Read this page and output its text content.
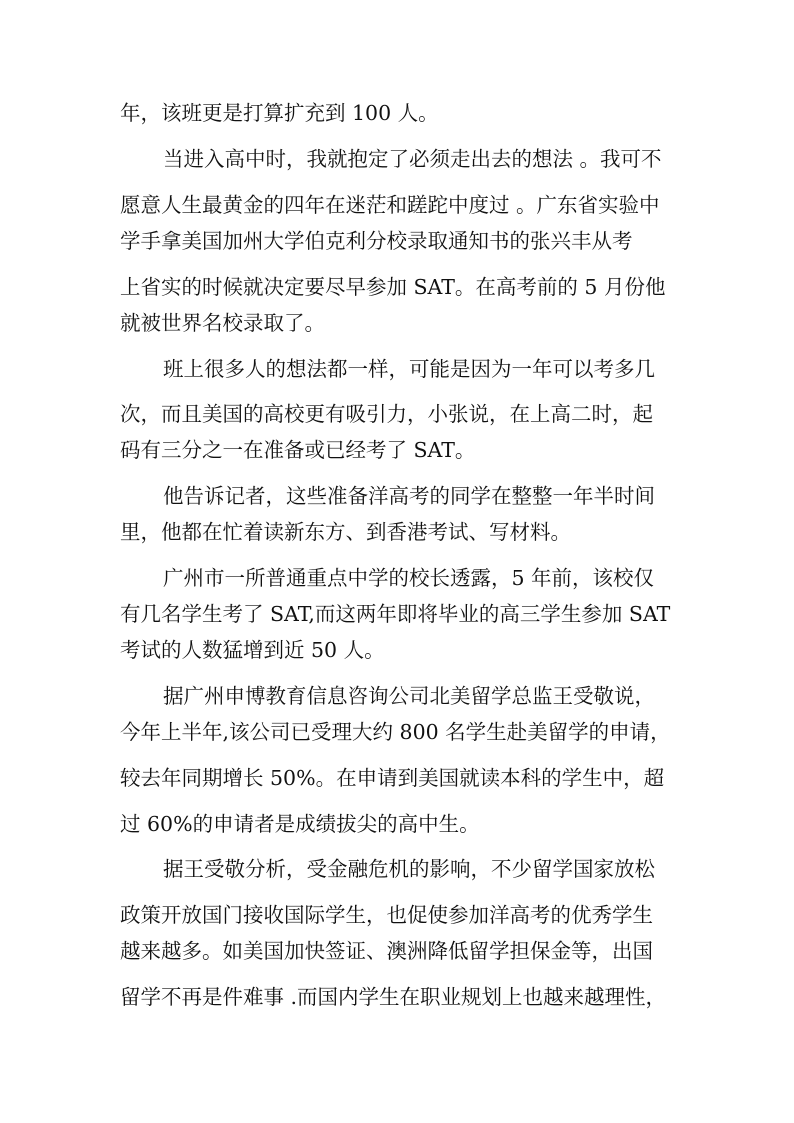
年，该班更是打算扩充到 100 人。

当进入高中时，我就抱定了必须走出去的想法 。我可不

愿意人生最黄金的四年在迷茫和蹉跎中度过 。广东省实验中

学手拿美国加州大学伯克利分校录取通知书的张兴丰从考

上省实的时候就决定要尽早参加 SAT。在高考前的 5 月份他

就被世界名校录取了。

班上很多人的想法都一样，可能是因为一年可以考多几

次，而且美国的高校更有吸引力，小张说，在上高二时，起

码有三分之一在准备或已经考了 SAT。

他告诉记者，这些准备洋高考的同学在整整一年半时间

里，他都在忙着读新东方、到香港考试、写材料。

广州市一所普通重点中学的校长透露，5 年前，该校仅

有几名学生考了 SAT,而这两年即将毕业的高三学生参加 SAT

考试的人数猛增到近 50 人。

据广州申博教育信息咨询公司北美留学总监王受敬说，

今年上半年,该公司已受理大约 800 名学生赴美留学的申请，

较去年同期增长 50%。在申请到美国就读本科的学生中，超

过 60%的申请者是成绩拔尖的高中生。

据王受敬分析，受金融危机的影响，不少留学国家放松

政策开放国门接收国际学生，也促使参加洋高考的优秀学生

越来越多。如美国加快签证、澳洲降低留学担保金等，出国

留学不再是件难事 .而国内学生在职业规划上也越来越理性，
